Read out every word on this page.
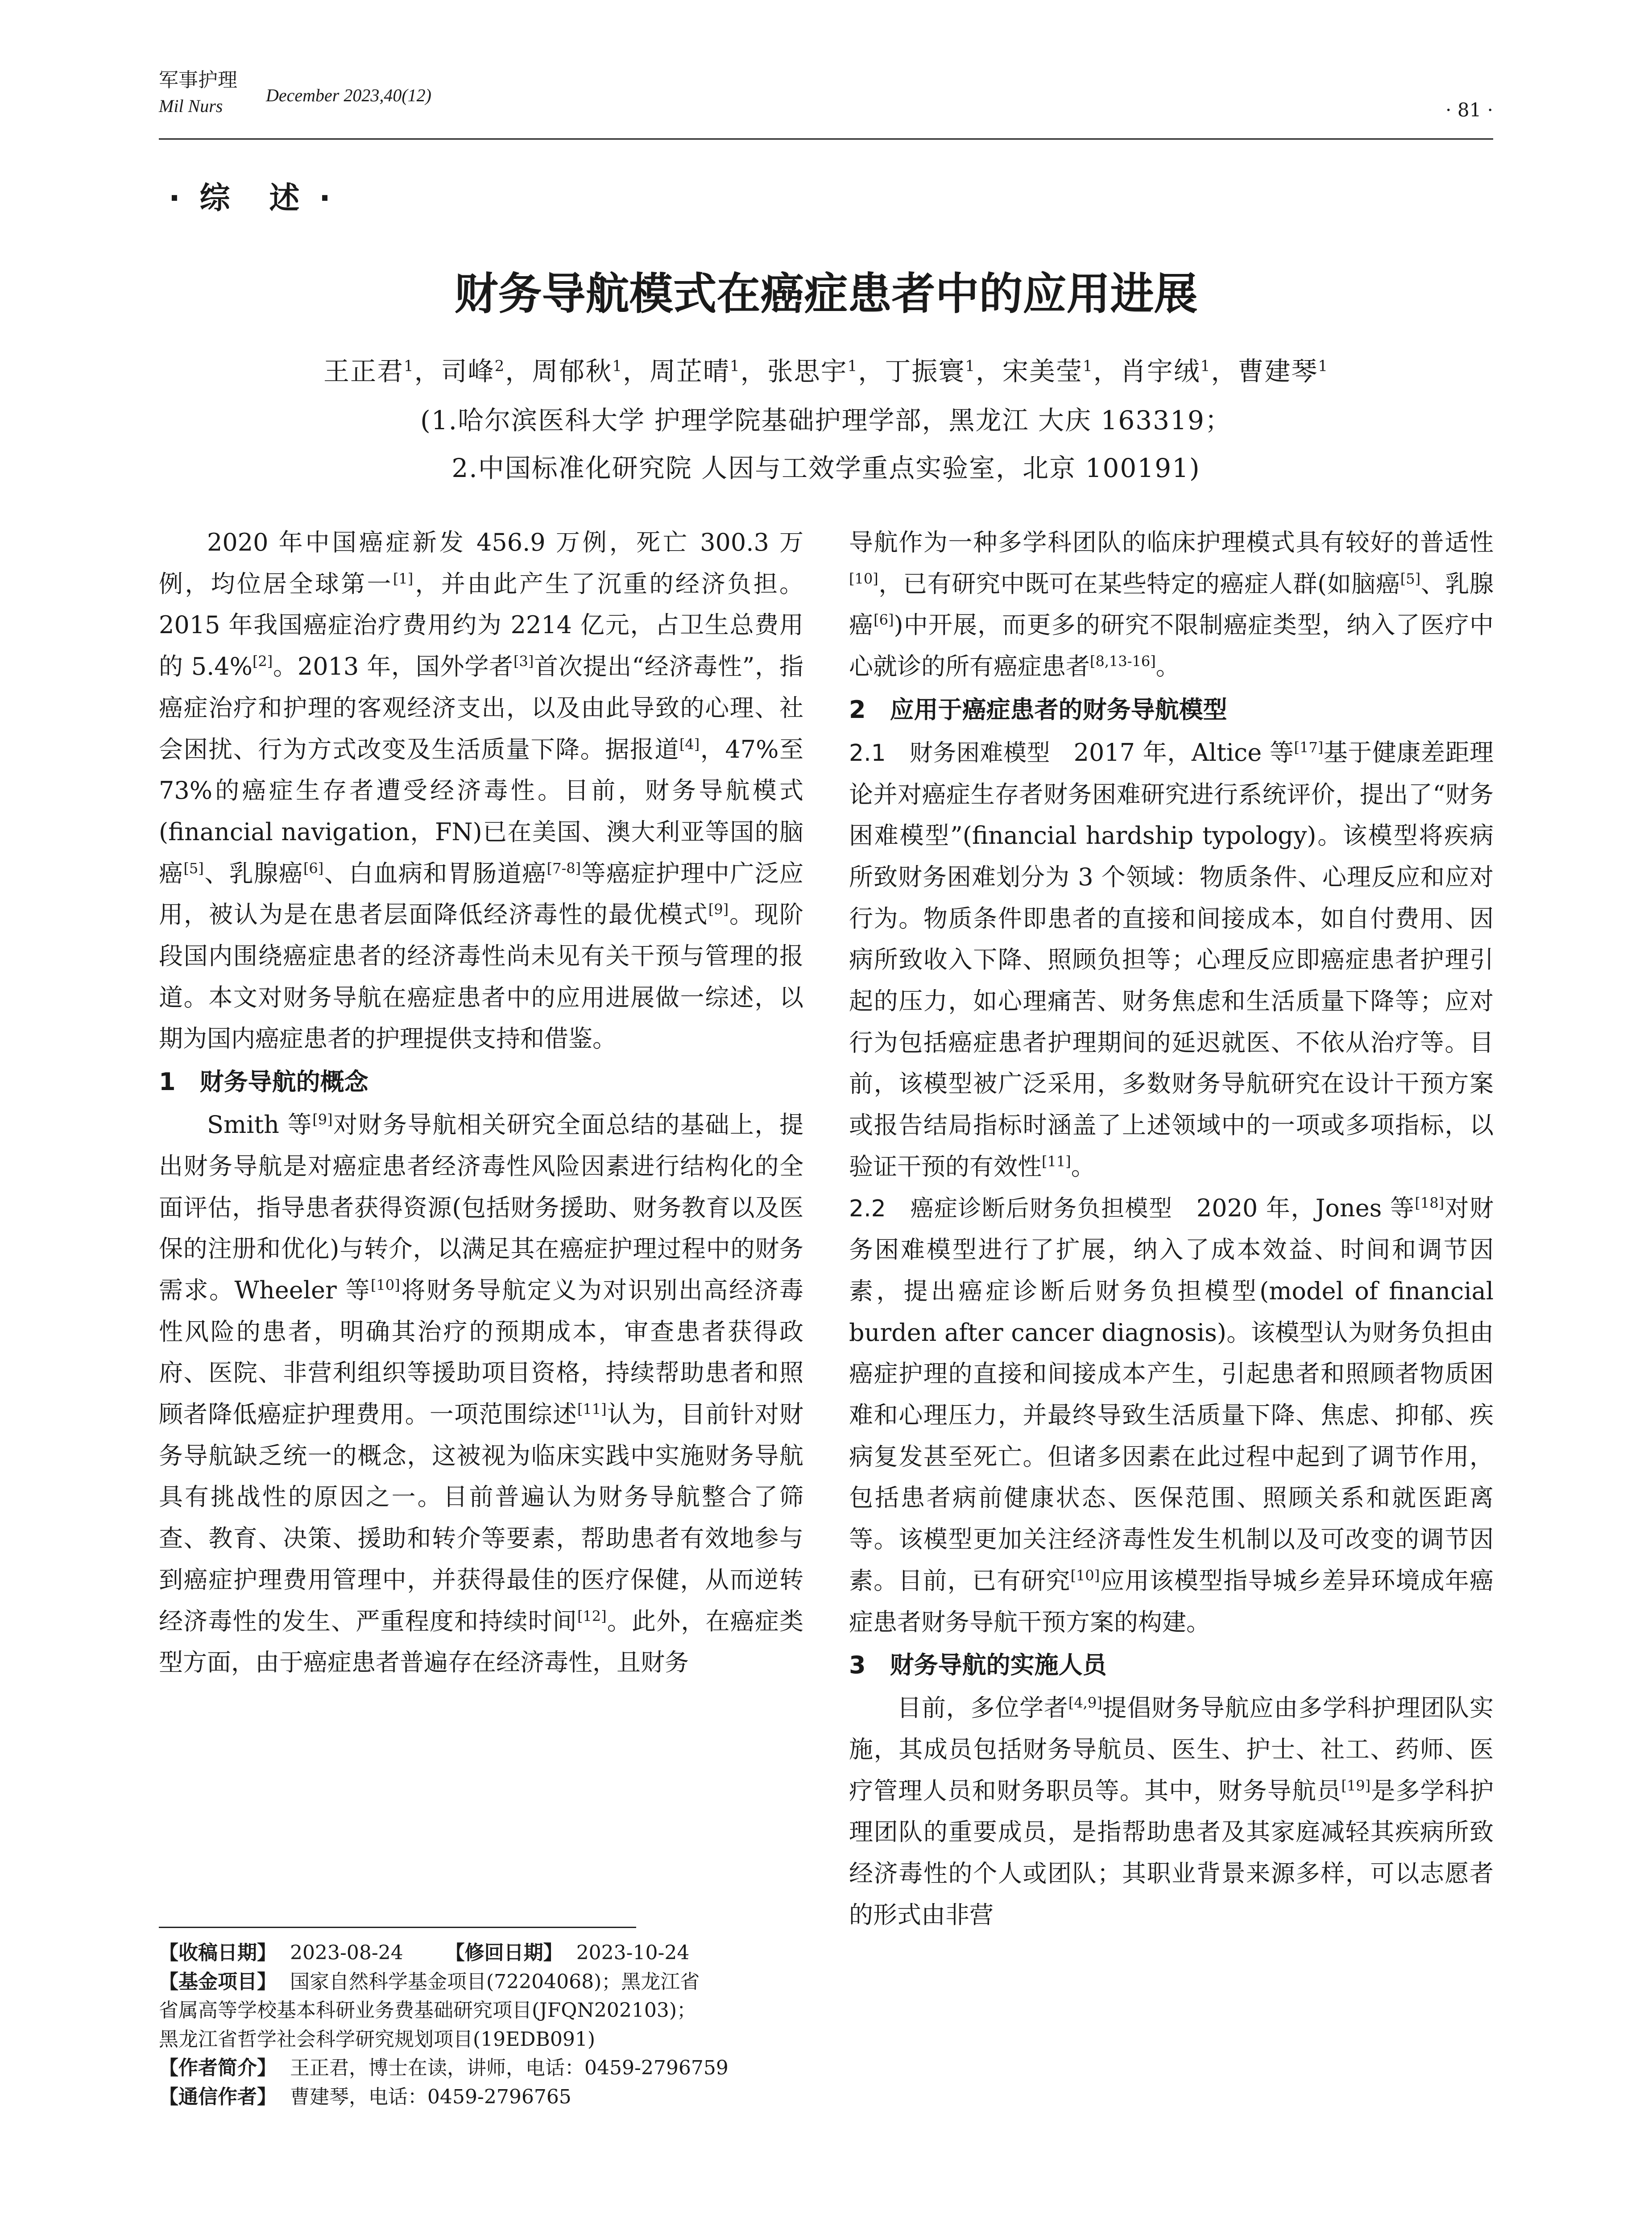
军事护理
Mil Nurs
December 2023,40(12)
· 81 ·
· 综　述 ·
财务导航模式在癌症患者中的应用进展
王正君$^1$，司峰$^2$，周郁秋$^1$，周芷晴$^1$，张思宇$^1$，丁振寰$^1$，宋美莹$^1$，肖宇绒$^1$，曹建琴$^1$
(1.哈尔滨医科大学 护理学院基础护理学部，黑龙江 大庆 163319；
2.中国标准化研究院 人因与工效学重点实验室，北京 100191)

2020 年中国癌症新发 456.9 万例，死亡 300.3 万例，均位居全球第一[1]，并由此产生了沉重的经济负担。2015 年我国癌症治疗费用约为 2214 亿元，占卫生总费用的 5.4%[2]。2013 年，国外学者[3]首次提出“经济毒性”，指癌症治疗和护理的客观经济支出，以及由此导致的心理、社会困扰、行为方式改变及生活质量下降。据报道[4]，47%至 73%的癌症生存者遭受经济毒性。目前，财务导航模式(financial navigation，FN)已在美国、澳大利亚等国的脑癌[5]、乳腺癌[6]、白血病和胃肠道癌[7-8]等癌症护理中广泛应用，被认为是在患者层面降低经济毒性的最优模式[9]。现阶段国内围绕癌症患者的经济毒性尚未见有关干预与管理的报道。本文对财务导航在癌症患者中的应用进展做一综述，以期为国内癌症患者的护理提供支持和借鉴。

1　财务导航的概念

Smith 等[9]对财务导航相关研究全面总结的基础上，提出财务导航是对癌症患者经济毒性风险因素进行结构化的全面评估，指导患者获得资源(包括财务援助、财务教育以及医保的注册和优化)与转介，以满足其在癌症护理过程中的财务需求。Wheeler 等[10]将财务导航定义为对识别出高经济毒性风险的患者，明确其治疗的预期成本，审查患者获得政府、医院、非营利组织等援助项目资格，持续帮助患者和照顾者降低癌症护理费用。一项范围综述[11]认为，目前针对财务导航缺乏统一的概念，这被视为临床实践中实施财务导航具有挑战性的原因之一。目前普遍认为财务导航整合了筛查、教育、决策、援助和转介等要素，帮助患者有效地参与到癌症护理费用管理中，并获得最佳的医疗保健，从而逆转经济毒性的发生、严重程度和持续时间[12]。此外，在癌症类型方面，由于癌症患者普遍存在经济毒性，且财务

导航作为一种多学科团队的临床护理模式具有较好的普适性[10]，已有研究中既可在某些特定的癌症人群(如脑癌[5]、乳腺癌[6])中开展，而更多的研究不限制癌症类型，纳入了医疗中心就诊的所有癌症患者[8,13-16]。

2　应用于癌症患者的财务导航模型

2.1　财务困难模型　2017 年，Altice 等[17]基于健康差距理论并对癌症生存者财务困难研究进行系统评价，提出了“财务困难模型”(financial hardship typology)。该模型将疾病所致财务困难划分为 3 个领域：物质条件、心理反应和应对行为。物质条件即患者的直接和间接成本，如自付费用、因病所致收入下降、照顾负担等；心理反应即癌症患者护理引起的压力，如心理痛苦、财务焦虑和生活质量下降等；应对行为包括癌症患者护理期间的延迟就医、不依从治疗等。目前，该模型被广泛采用，多数财务导航研究在设计干预方案或报告结局指标时涵盖了上述领域中的一项或多项指标，以验证干预的有效性[11]。

2.2　癌症诊断后财务负担模型　2020 年，Jones 等[18]对财务困难模型进行了扩展，纳入了成本效益、时间和调节因素，提出癌症诊断后财务负担模型(model of financial burden after cancer diagnosis)。该模型认为财务负担由癌症护理的直接和间接成本产生，引起患者和照顾者物质困难和心理压力，并最终导致生活质量下降、焦虑、抑郁、疾病复发甚至死亡。但诸多因素在此过程中起到了调节作用，包括患者病前健康状态、医保范围、照顾关系和就医距离等。该模型更加关注经济毒性发生机制以及可改变的调节因素。目前，已有研究[10]应用该模型指导城乡差异环境成年癌症患者财务导航干预方案的构建。

3　财务导航的实施人员

目前，多位学者[4,9]提倡财务导航应由多学科护理团队实施，其成员包括财务导航员、医生、护士、社工、药师、医疗管理人员和财务职员等。其中，财务导航员[19]是多学科护理团队的重要成员，是指帮助患者及其家庭减轻其疾病所致经济毒性的个人或团队；其职业背景来源多样，可以志愿者的形式由非营

【收稿日期】 2023-08-24 【修回日期】 2023-10-24
【基金项目】 国家自然科学基金项目(72204068)；黑龙江省
省属高等学校基本科研业务费基础研究项目(JFQN202103)；
黑龙江省哲学社会科学研究规划项目(19EDB091)
【作者简介】 王正君，博士在读，讲师，电话：0459-2796759
【通信作者】 曹建琴，电话：0459-2796765
